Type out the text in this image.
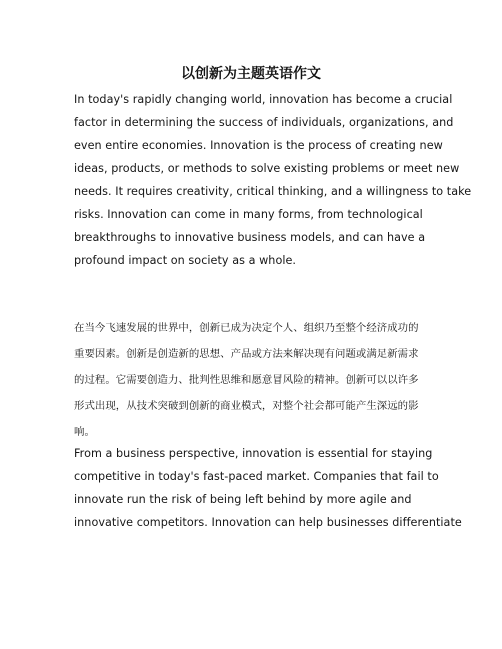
以创新为主题英语作文
In today's rapidly changing world, innovation has become a crucial
factor in determining the success of individuals, organizations, and
even entire economies. Innovation is the process of creating new
ideas, products, or methods to solve existing problems or meet new
needs. It requires creativity, critical thinking, and a willingness to take
risks. Innovation can come in many forms, from technological
breakthroughs to innovative business models, and can have a
profound impact on society as a whole.
在当今飞速发展的世界中，创新已成为决定个人、组织乃至整个经济成功的
重要因素。创新是创造新的思想、产品或方法来解决现有问题或满足新需求
的过程。它需要创造力、批判性思维和愿意冒风险的精神。创新可以以许多
形式出现，从技术突破到创新的商业模式，对整个社会都可能产生深远的影
响。
From a business perspective, innovation is essential for staying
competitive in today's fast-paced market. Companies that fail to
innovate run the risk of being left behind by more agile and
innovative competitors. Innovation can help businesses differentiate
